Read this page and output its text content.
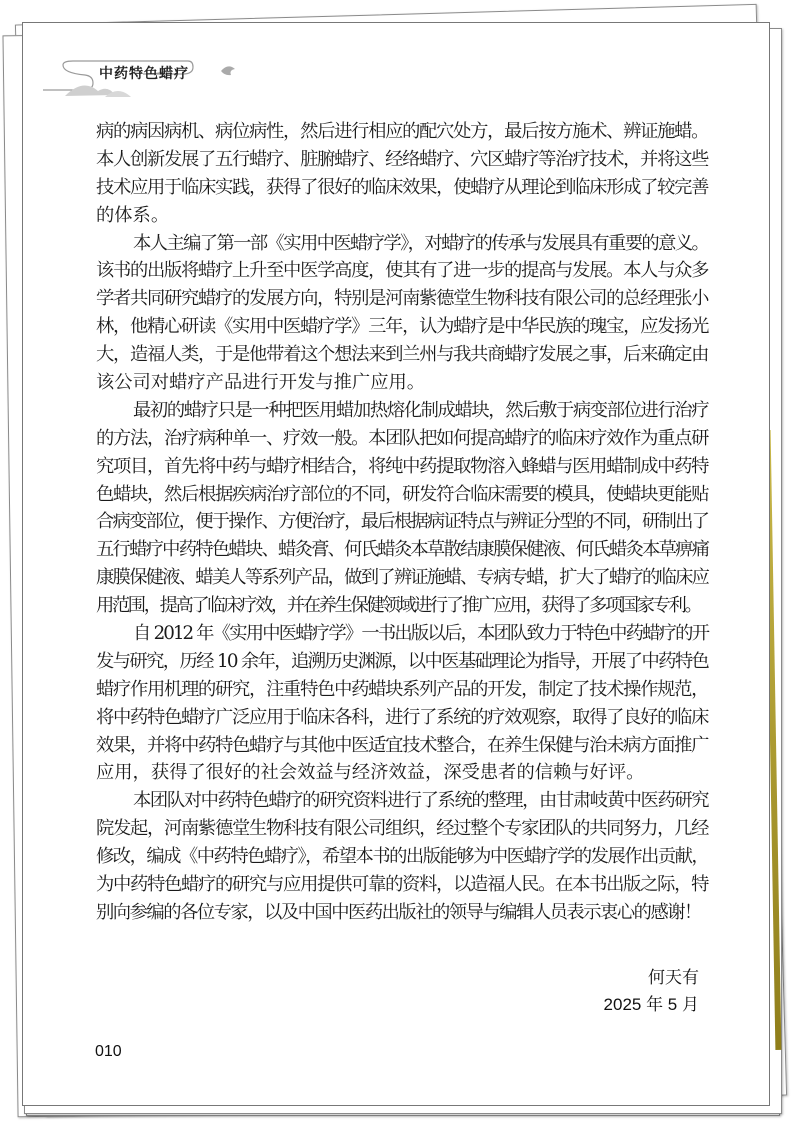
中药特色蜡疗
病的病因病机、病位病性，然后进行相应的配穴处方，最后按方施术、辨证施蜡。
本人创新发展了五行蜡疗、脏腑蜡疗、经络蜡疗、穴区蜡疗等治疗技术，并将这些
技术应用于临床实践，获得了很好的临床效果，使蜡疗从理论到临床形成了较完善
的体系。
本人主编了第一部《实用中医蜡疗学》，对蜡疗的传承与发展具有重要的意义。
该书的出版将蜡疗上升至中医学高度，使其有了进一步的提高与发展。本人与众多
学者共同研究蜡疗的发展方向，特别是河南紫德堂生物科技有限公司的总经理张小
林，他精心研读《实用中医蜡疗学》三年，认为蜡疗是中华民族的瑰宝，应发扬光
大，造福人类，于是他带着这个想法来到兰州与我共商蜡疗发展之事，后来确定由
该公司对蜡疗产品进行开发与推广应用。
最初的蜡疗只是一种把医用蜡加热熔化制成蜡块，然后敷于病变部位进行治疗
的方法，治疗病种单一、疗效一般。本团队把如何提高蜡疗的临床疗效作为重点研
究项目，首先将中药与蜡疗相结合，将纯中药提取物溶入蜂蜡与医用蜡制成中药特
色蜡块，然后根据疾病治疗部位的不同，研发符合临床需要的模具，使蜡块更能贴
合病变部位，便于操作、方便治疗，最后根据病证特点与辨证分型的不同，研制出了
五行蜡疗中药特色蜡块、蜡灸膏、何氏蜡灸本草散结康膜保健液、何氏蜡灸本草痹痛
康膜保健液、蜡美人等系列产品，做到了辨证施蜡、专病专蜡，扩大了蜡疗的临床应
用范围，提高了临床疗效，并在养生保健领域进行了推广应用，获得了多项国家专利。
自 2012 年《实用中医蜡疗学》一书出版以后，本团队致力于特色中药蜡疗的开
发与研究，历经 10 余年，追溯历史渊源，以中医基础理论为指导，开展了中药特色
蜡疗作用机理的研究，注重特色中药蜡块系列产品的开发，制定了技术操作规范，
将中药特色蜡疗广泛应用于临床各科，进行了系统的疗效观察，取得了良好的临床
效果，并将中药特色蜡疗与其他中医适宜技术整合，在养生保健与治未病方面推广
应用，获得了很好的社会效益与经济效益，深受患者的信赖与好评。
本团队对中药特色蜡疗的研究资料进行了系统的整理，由甘肃岐黄中医药研究
院发起，河南紫德堂生物科技有限公司组织，经过整个专家团队的共同努力，几经
修改，编成《中药特色蜡疗》，希望本书的出版能够为中医蜡疗学的发展作出贡献，
为中药特色蜡疗的研究与应用提供可靠的资料，以造福人民。在本书出版之际，特
别向参编的各位专家，以及中国中医药出版社的领导与编辑人员表示衷心的感谢！
何天有
2025 年 5 月
010
